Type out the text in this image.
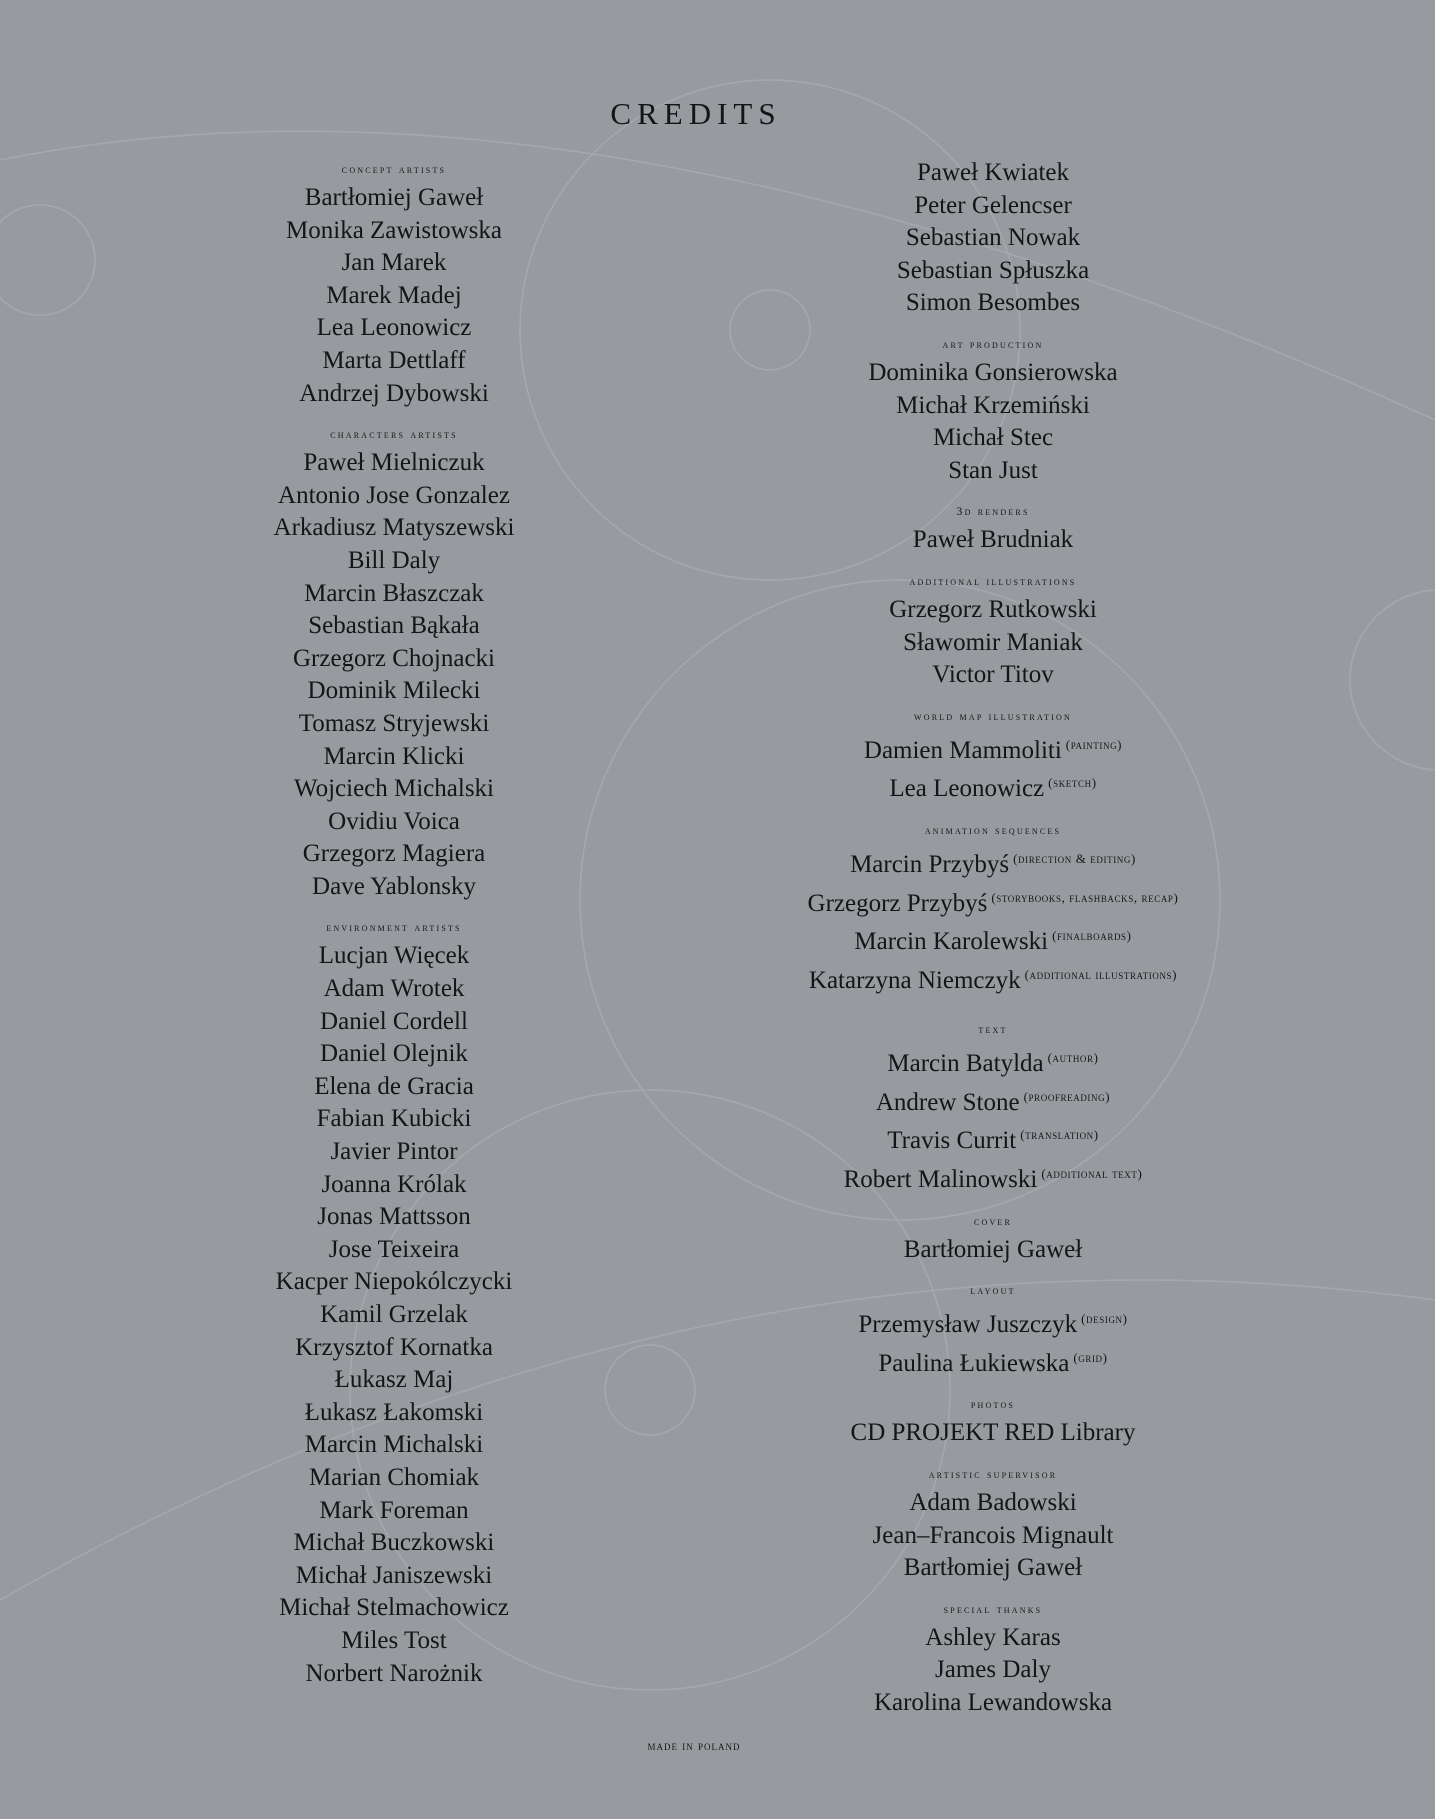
CREDITS
concept artists
Bartłomiej Gaweł
Monika Zawistowska
Jan Marek
Marek Madej
Lea Leonowicz
Marta Dettlaff
Andrzej Dybowski
characters artists
Paweł Mielniczuk
Antonio Jose Gonzalez
Arkadiusz Matyszewski
Bill Daly
Marcin Błaszczak
Sebastian Bąkała
Grzegorz Chojnacki
Dominik Milecki
Tomasz Stryjewski
Marcin Klicki
Wojciech Michalski
Ovidiu Voica
Grzegorz Magiera
Dave Yablonsky
environment artists
Lucjan Więcek
Adam Wrotek
Daniel Cordell
Daniel Olejnik
Elena de Gracia
Fabian Kubicki
Javier Pintor
Joanna Królak
Jonas Mattsson
Jose Teixeira
Kacper Niepokólczycki
Kamil Grzelak
Krzysztof Kornatka
Łukasz Maj
Łukasz Łakomski
Marcin Michalski
Marian Chomiak
Mark Foreman
Michał Buczkowski
Michał Janiszewski
Michał Stelmachowicz
Miles Tost
Norbert Narożnik
Paweł Kwiatek
Peter Gelencser
Sebastian Nowak
Sebastian Spłuszka
Simon Besombes
art production
Dominika Gonsierowska
Michał Krzemiński
Michał Stec
Stan Just
3d renders
Paweł Brudniak
additional illustrations
Grzegorz Rutkowski
Sławomir Maniak
Victor Titov
world map illustration
Damien Mammoliti $^{(painting)}$
Lea Leonowicz $^{(sketch)}$
animation sequences
Marcin Przybyś $^{(direction \& editing)}$
Grzegorz Przybyś $^{(storybooks, flashbacks, recap)}$
Marcin Karolewski $^{(finalboards)}$
Katarzyna Niemczyk $^{(additional illustrations)}$
text
Marcin Batylda $^{(author)}$
Andrew Stone $^{(proofreading)}$
Travis Currit $^{(translation)}$
Robert Malinowski $^{(additional text)}$
cover
Bartłomiej Gaweł
layout
Przemysław Juszczyk $^{(design)}$
Paulina Łukiewska $^{(grid)}$
photos
CD PROJEKT RED Library
artistic supervisor
Adam Badowski
Jean–Francois Mignault
Bartłomiej Gaweł
special thanks
Ashley Karas
James Daly
Karolina Lewandowska
made in poland
